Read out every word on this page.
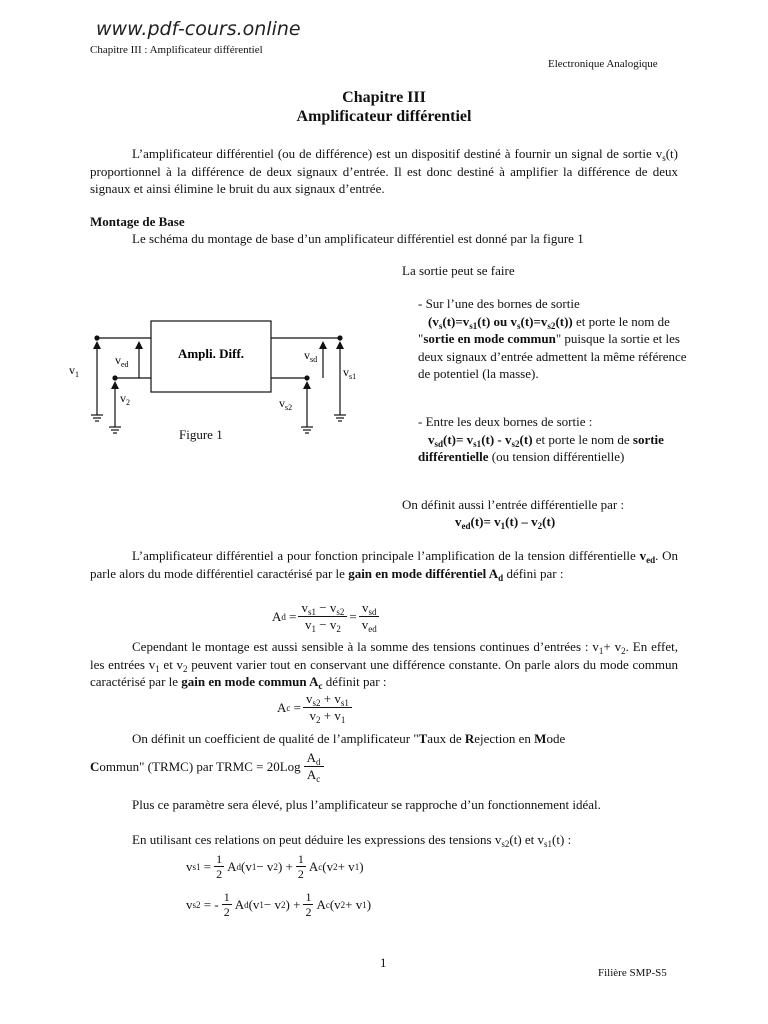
www.pdf-cours.online
Chapitre III : Amplificateur différentiel
Electronique Analogique
Chapitre III
Amplificateur différentiel

L’amplificateur différentiel (ou de différence) est un dispositif destiné à fournir un signal de sortie $v_s(t)$ proportionnel à la différence de deux signaux d’entrée. Il est donc destiné à amplifier la différence de deux signaux et ainsi élimine le bruit du aux signaux d’entrée.

Montage de Base
Le schéma du montage de base d’un amplificateur différentiel est donné par la figure 1
Ampli. Diff.
$v_1$
$v_{ed}$
$v_2$
$v_{sd}$
$v_{s1}$
$v_{s2}$
Figure 1
La sortie peut se faire

- Sur l’une des bornes de sortie
($v_s(t)=v_{s1}(t)$ ou $v_s(t)=v_{s2}(t)$) et porte le nom de "sortie en mode commun" puisque la sortie et les deux signaux d’entrée admettent la même référence de potentiel (la masse).

- Entre les deux bornes de sortie :
$v_{sd}(t)= v_{s1}(t) - v_{s2}(t)$ et porte le nom de sortie différentielle (ou tension différentielle)

On définit aussi l’entrée différentielle par :
$v_{ed}(t)= v_1(t) - v_2(t)$

L’amplificateur différentiel a pour fonction principale l’amplification de la tension différentielle $v_{ed}$. On parle alors du mode différentiel caractérisé par le gain en mode différentiel $A_d$ défini par :

A $d = \frac{v_{s1} - v_{s2}}{v_1 - v_2} = \frac{v_{sd}}{v_{ed}}$

Cependant le montage est aussi sensible à la somme des tensions continues d’entrées : $v_1+ v_2$. En effet, les entrées $v_1$ et $v_2$ peuvent varier tout en conservant une différence constante. On parle alors du mode commun caractérisé par le gain en mode commun $A_c$ définit par :

A $c = \frac{v_{s2} + v_{s1}}{v_2 + v_1}$
On définit un coefficient de qualité de l’amplificateur "Taux de Rejection en Mode
C ommun" (TRMC) par TRMC = $20Log \frac{A_d}{A_c}$

Plus ce paramètre sera élevé, plus l’amplificateur se rapproche d’un fonctionnement idéal.

En utilisant ces relations on peut déduire les expressions des tensions $v_{s2}(t)$ et $v_{s1}(t)$ :
v s1 = 1
2
A d (v 1 − v 2 ) + 1
2
A c (v 2 + v 1 )
v s2 = - 1
2
A d (v 1 − v 2 ) + 1
2
A c (v 2 + v 1 )
1
Filière SMP-S5
